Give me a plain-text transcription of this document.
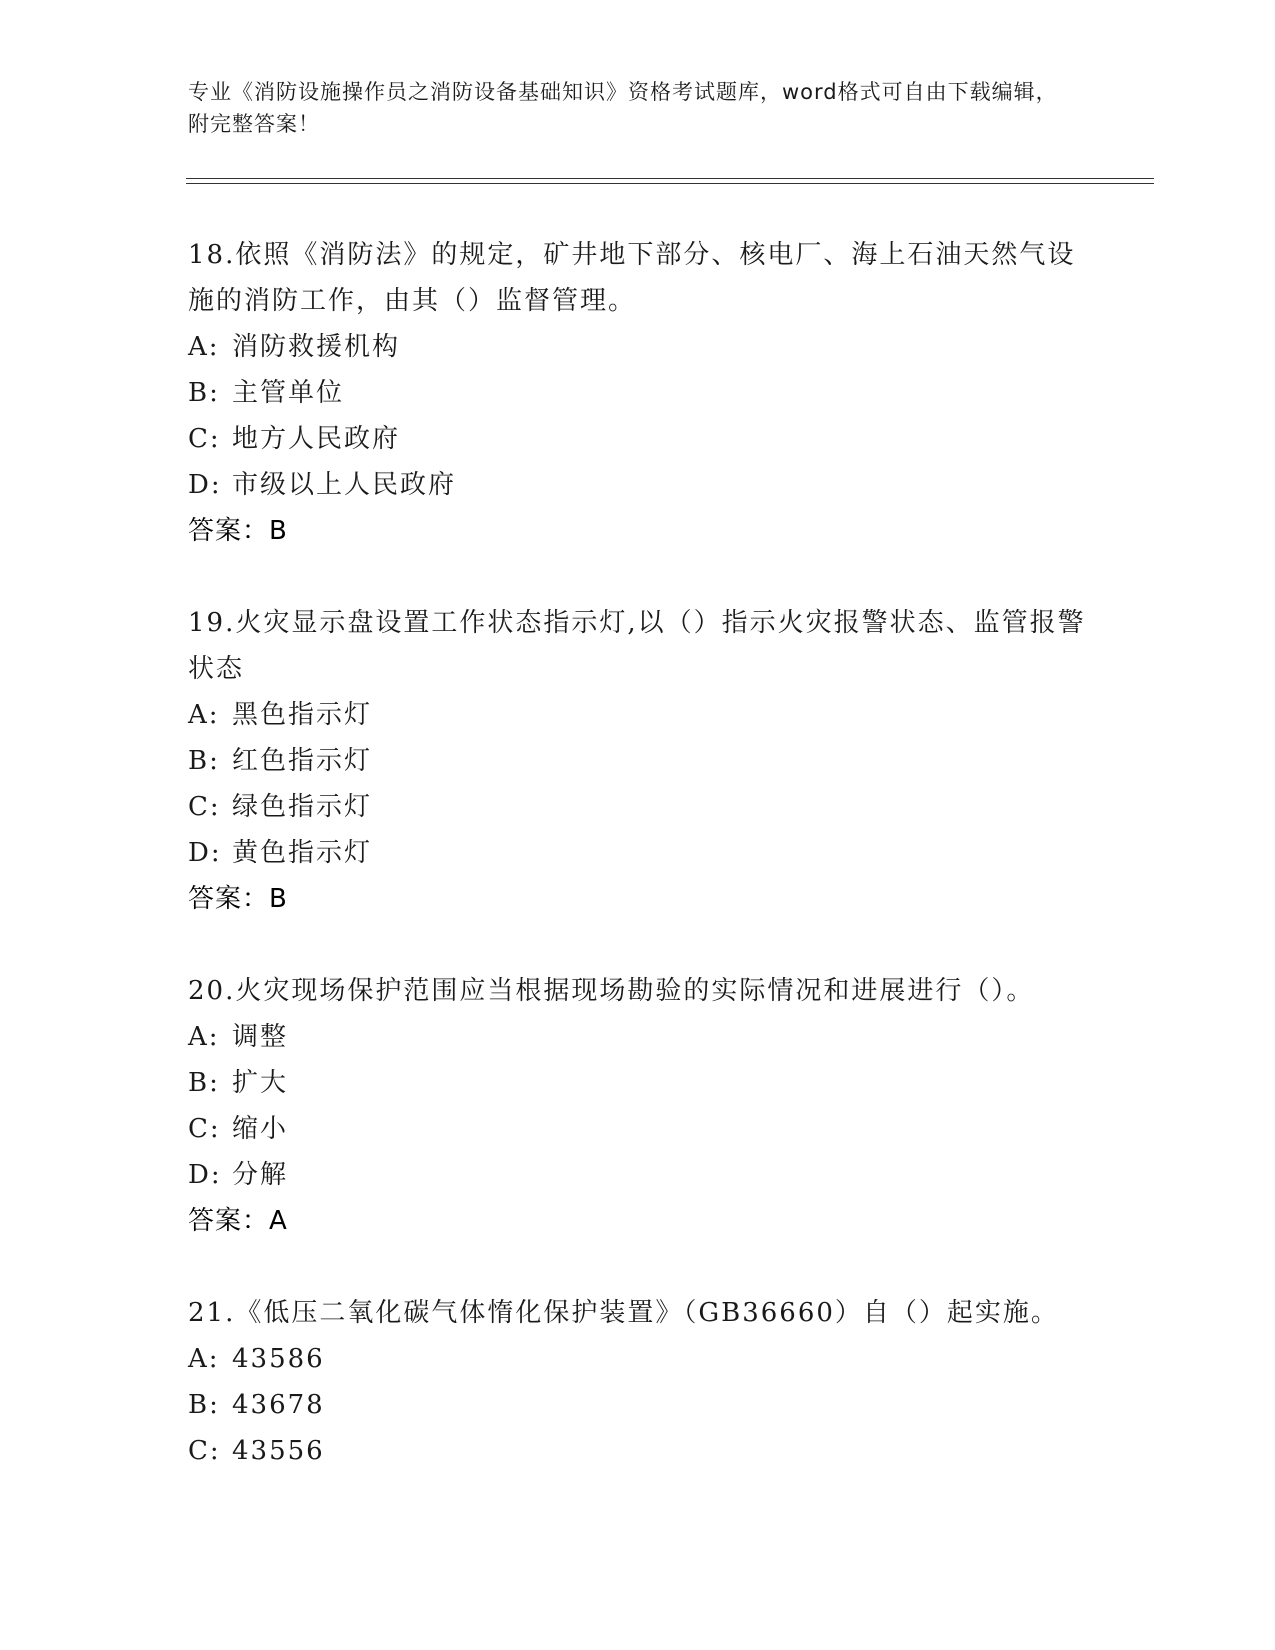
专业《消防设施操作员之消防设备基础知识》资格考试题库，word格式可自由下载编辑，附完整答案！
18.依照《消防法》的规定，矿井地下部分、核电厂、海上石油天然气设施的消防工作，由其（）监督管理。
A: 消防救援机构
B: 主管单位
C: 地方人民政府
D: 市级以上人民政府
答案：B
19.火灾显示盘设置工作状态指示灯,以（）指示火灾报警状态、监管报警状态
A: 黑色指示灯
B: 红色指示灯
C: 绿色指示灯
D: 黄色指示灯
答案：B
20.火灾现场保护范围应当根据现场勘验的实际情况和进展进行（）。
A: 调整
B: 扩大
C: 缩小
D: 分解
答案：A
21.《低压二氧化碳气体惰化保护装置》（GB36660）自（）起实施。
A: 43586
B: 43678
C: 43556
